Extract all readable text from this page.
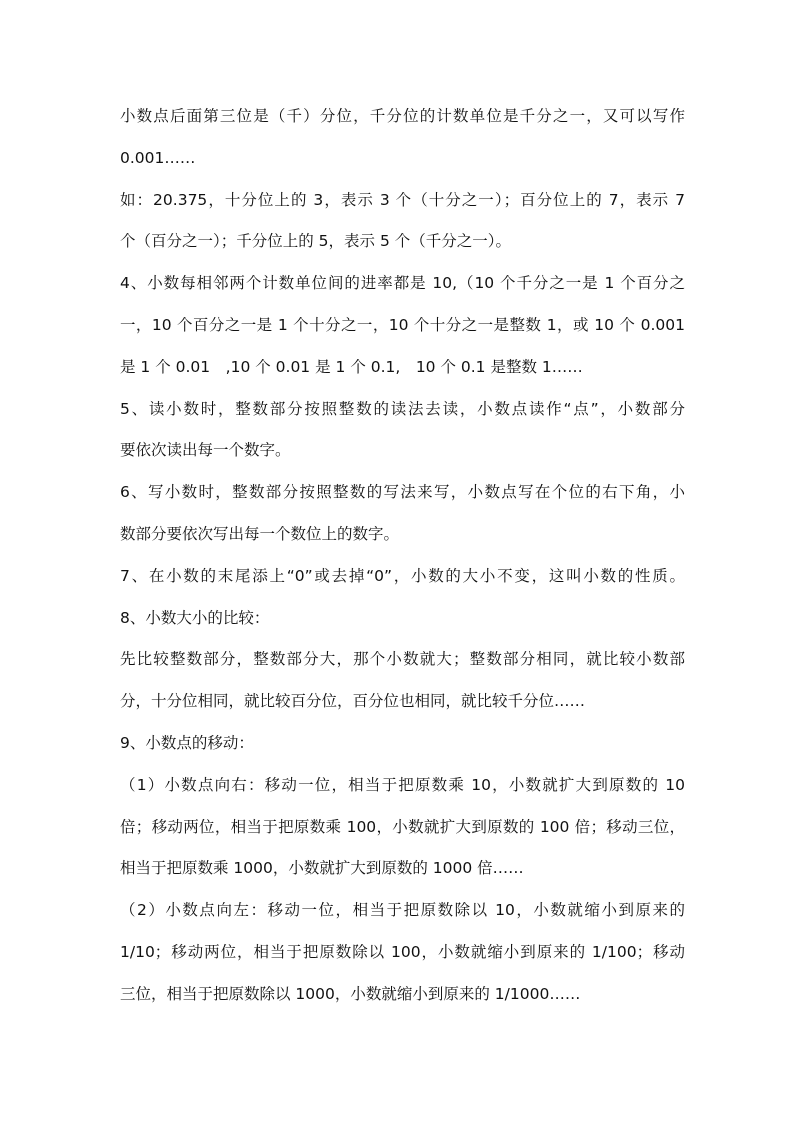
小数点后面第三位是（千）分位，千分位的计数单位是千分之一，又可以写作
0.001……
如：20.375，十分位上的 3，表示 3 个（十分之一）；百分位上的 7，表示 7
个（百分之一）；千分位上的 5，表示 5 个（千分之一）。
4、小数每相邻两个计数单位间的进率都是 10,（10 个千分之一是 1 个百分之
一，10 个百分之一是 1 个十分之一，10 个十分之一是整数 1，或 10 个 0.001
是 1 个 0.01　,10 个 0.01 是 1 个 0.1,　10 个 0.1 是整数 1……
5、读小数时，整数部分按照整数的读法去读，小数点读作“点”，小数部分
要依次读出每一个数字。
6、写小数时，整数部分按照整数的写法来写，小数点写在个位的右下角，小
数部分要依次写出每一个数位上的数字。
7、在小数的末尾添上“0”或去掉“0”，小数的大小不变，这叫小数的性质。
8、小数大小的比较：
先比较整数部分，整数部分大，那个小数就大；整数部分相同，就比较小数部
分，十分位相同，就比较百分位，百分位也相同，就比较千分位……
9、小数点的移动：
（1）小数点向右：移动一位，相当于把原数乘 10，小数就扩大到原数的 10
倍；移动两位，相当于把原数乘 100，小数就扩大到原数的 100 倍；移动三位，
相当于把原数乘 1000，小数就扩大到原数的 1000 倍……
（2）小数点向左：移动一位，相当于把原数除以 10，小数就缩小到原来的
1/10；移动两位，相当于把原数除以 100，小数就缩小到原来的 1/100；移动
三位，相当于把原数除以 1000，小数就缩小到原来的 1/1000……
